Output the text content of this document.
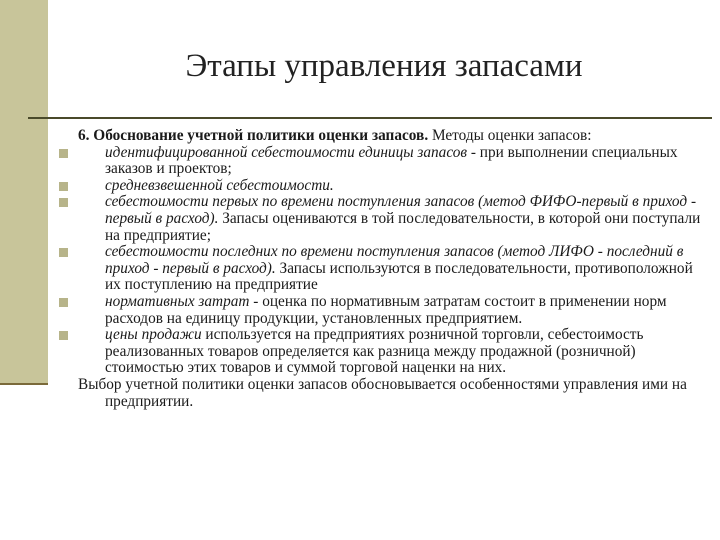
Этапы управления запасами

6. Обоснование учетной политики оценки запасов. Методы оценки запасов:

идентифицированной себестоимости единицы запасов - при выполнении специальных заказов и проектов;
средневзвешенной себестоимости.
себестоимости первых по времени поступления запасов (метод ФИФО-первый в приход - первый в расход). Запасы оцениваются в той последовательности, в которой они поступали на предприятие;
себестоимости последних по времени поступления запасов (метод ЛИФО - последний в приход - первый в расход). Запасы используются в последовательности, противоположной их поступлению на предприятие
нормативных затрат - оценка по нормативным затратам состоит в применении норм расходов на единицу продукции, установленных предприятием.
цены продажи используется на предприятиях розничной торговли, себестоимость реализованных товаров определяется как разница между продажной (розничной) стоимостью этих товаров и суммой торговой наценки на них.

Выбор учетной политики оценки запасов обосновывается особенностями управления ими на предприятии.
